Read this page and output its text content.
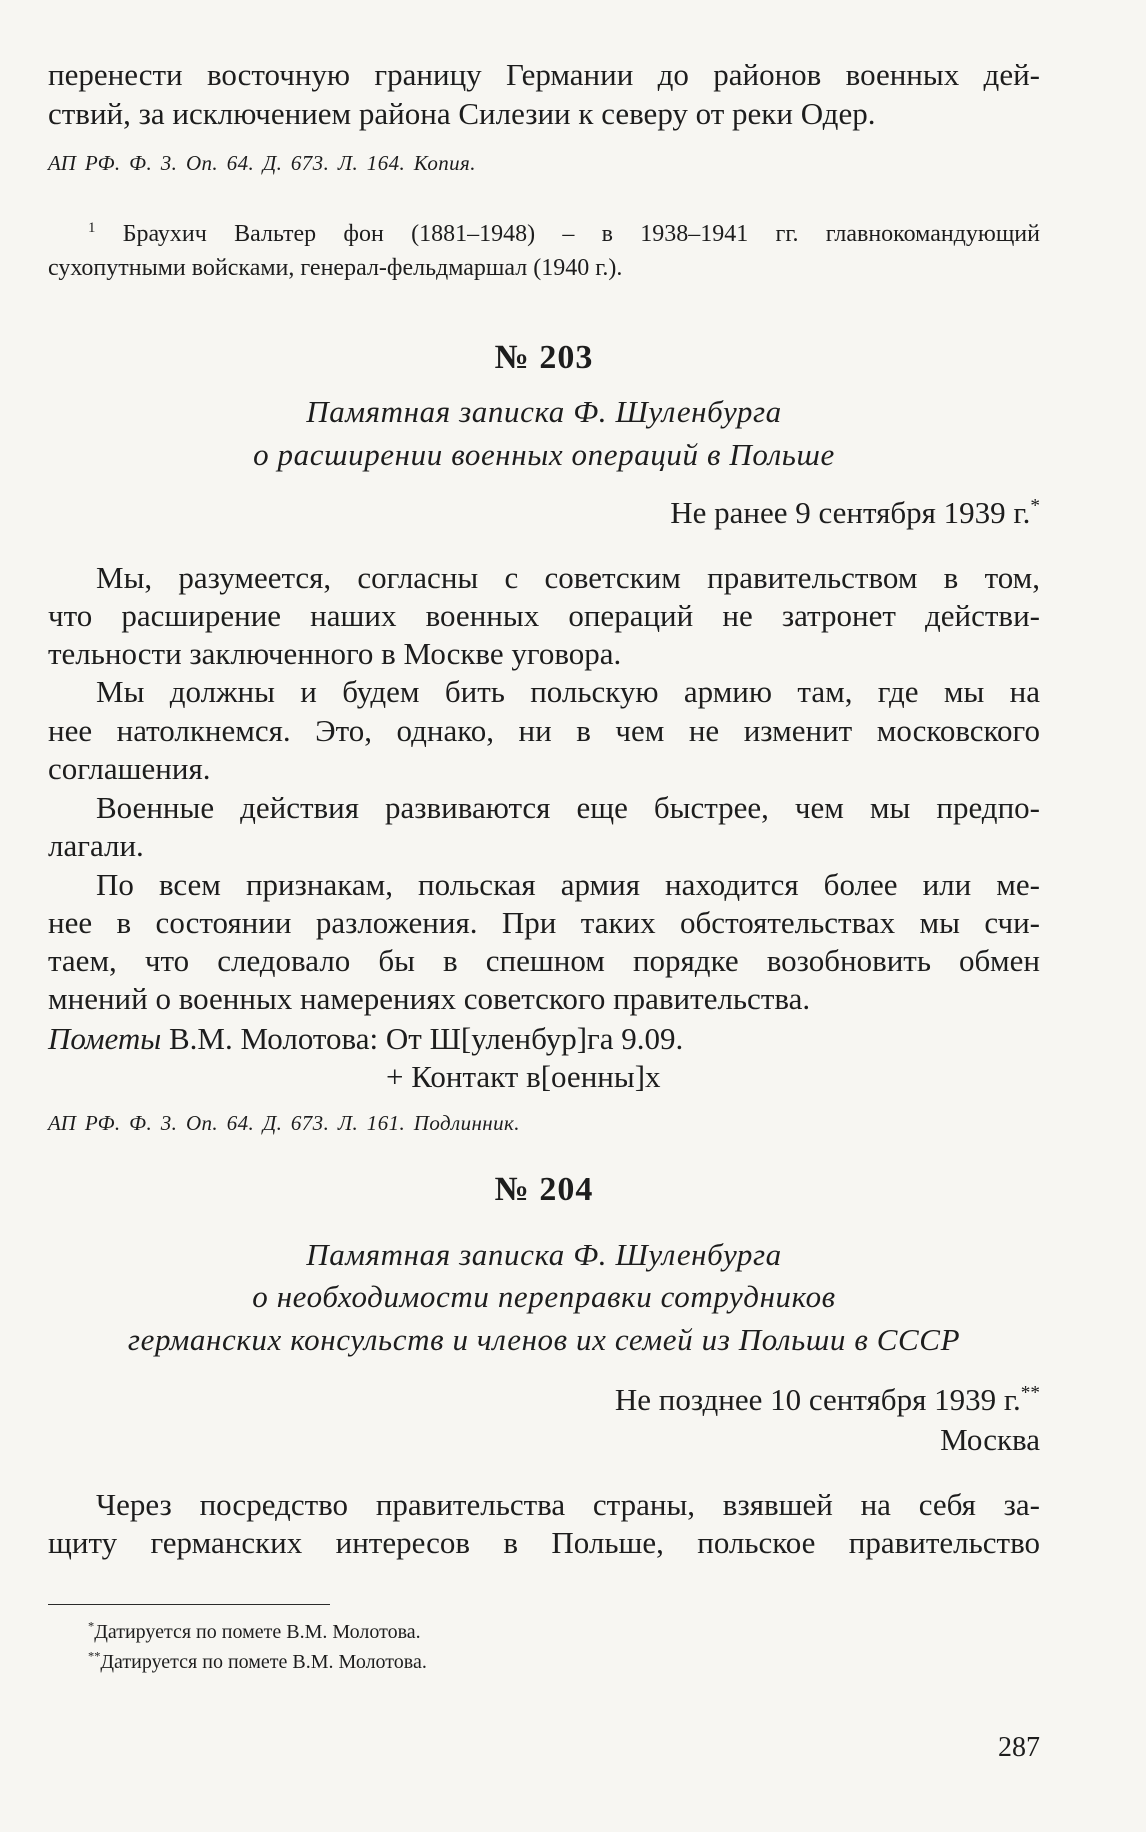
перенести восточную границу Германии до районов военных дей-
ствий, за исключением района Силезии к северу от реки Одер.
АП РФ. Ф. 3. Оп. 64. Д. 673. Л. 164. Копия.
$^1$ Браухич Вальтер фон (1881–1948) – в 1938–1941 гг. главнокомандующий
сухопутными войсками, генерал-фельдмаршал (1940 г.).
№ 203
Памятная записка Ф. Шуленбурга
о расширении военных операций в Польше
Не ранее 9 сентября 1939 г.*
Мы, разумеется, согласны с советским правительством в том,
что расширение наших военных операций не затронет действи-
тельности заключенного в Москве уговора.
Мы должны и будем бить польскую армию там, где мы на
нее натолкнемся. Это, однако, ни в чем не изменит московского
соглашения.
Военные действия развиваются еще быстрее, чем мы предпо-
лагали.
По всем признакам, польская армия находится более или ме-
нее в состоянии разложения. При таких обстоятельствах мы счи-
таем, что следовало бы в спешном порядке возобновить обмен
мнений о военных намерениях советского правительства.
Пометы В.М. Молотова: От Ш[уленбур]га 9.09.
+ Контакт в[оенны]х
АП РФ. Ф. 3. Оп. 64. Д. 673. Л. 161. Подлинник.
№ 204
Памятная записка Ф. Шуленбурга
о необходимости переправки сотрудников
германских консульств и членов их семей из Польши в СССР
Не позднее 10 сентября 1939 г.**
Москва
Через посредство правительства страны, взявшей на себя за-
щиту германских интересов в Польше, польское правительство
*Датируется по помете В.М. Молотова.
**Датируется по помете В.М. Молотова.
287
